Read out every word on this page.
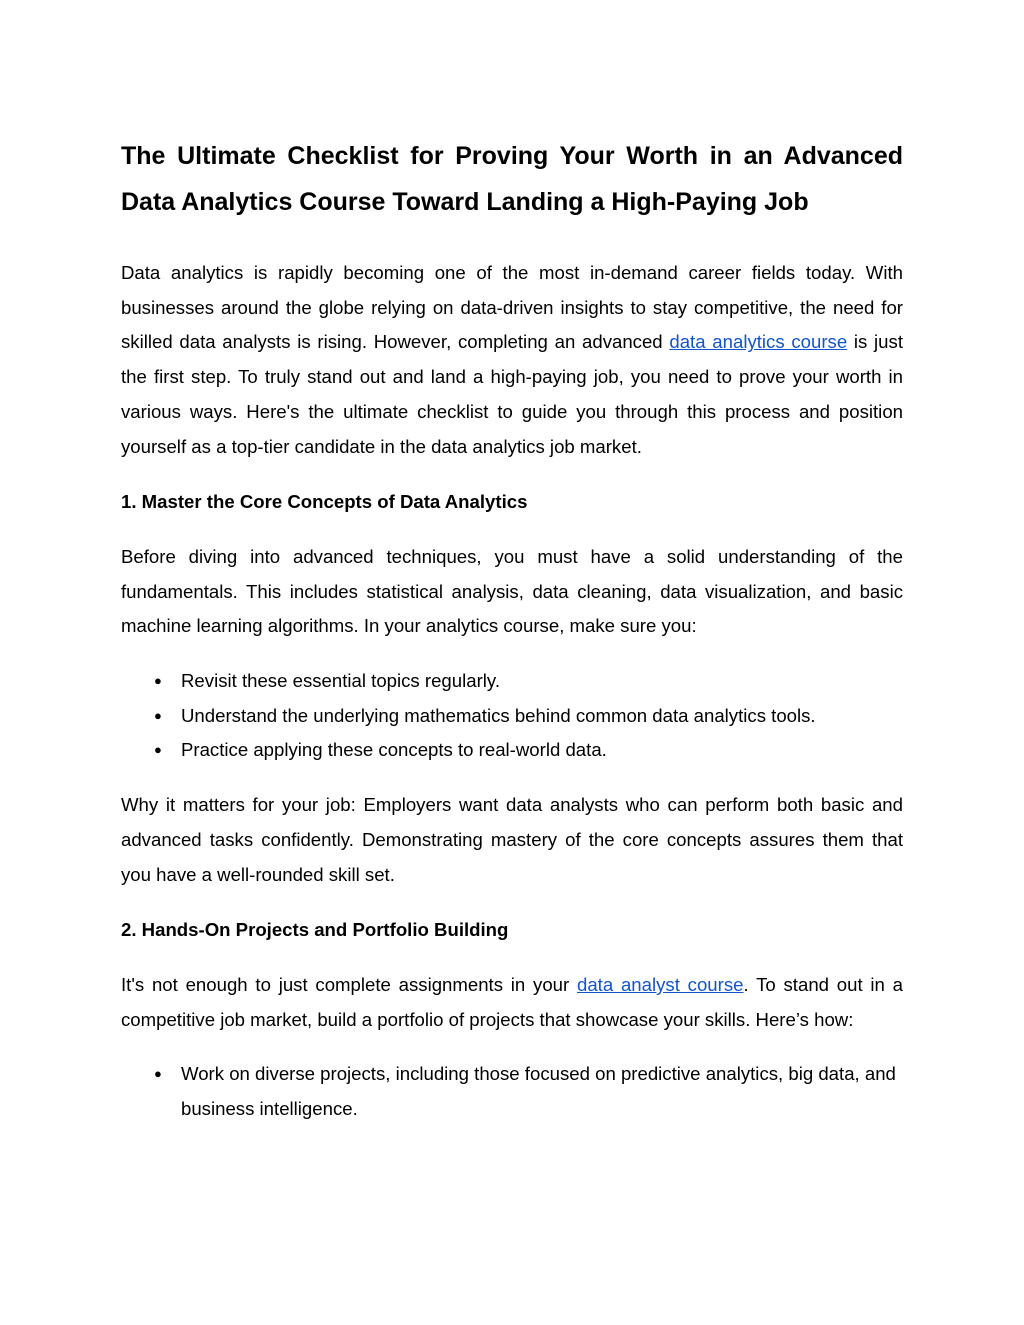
The Ultimate Checklist for Proving Your Worth in an Advanced Data Analytics Course Toward Landing a High-Paying Job

Data analytics is rapidly becoming one of the most in-demand career fields today. With businesses around the globe relying on data-driven insights to stay competitive, the need for skilled data analysts is rising. However, completing an advanced data analytics course is just the first step. To truly stand out and land a high-paying job, you need to prove your worth in various ways. Here's the ultimate checklist to guide you through this process and position yourself as a top-tier candidate in the data analytics job market.

1. Master the Core Concepts of Data Analytics

Before diving into advanced techniques, you must have a solid understanding of the fundamentals. This includes statistical analysis, data cleaning, data visualization, and basic machine learning algorithms. In your analytics course, make sure you:

● Revisit these essential topics regularly.
● Understand the underlying mathematics behind common data analytics tools.
● Practice applying these concepts to real-world data.

Why it matters for your job: Employers want data analysts who can perform both basic and advanced tasks confidently. Demonstrating mastery of the core concepts assures them that you have a well-rounded skill set.

2. Hands-On Projects and Portfolio Building

It's not enough to just complete assignments in your data analyst course. To stand out in a competitive job market, build a portfolio of projects that showcase your skills. Here’s how:

● Work on diverse projects, including those focused on predictive analytics, big data, and business intelligence.
